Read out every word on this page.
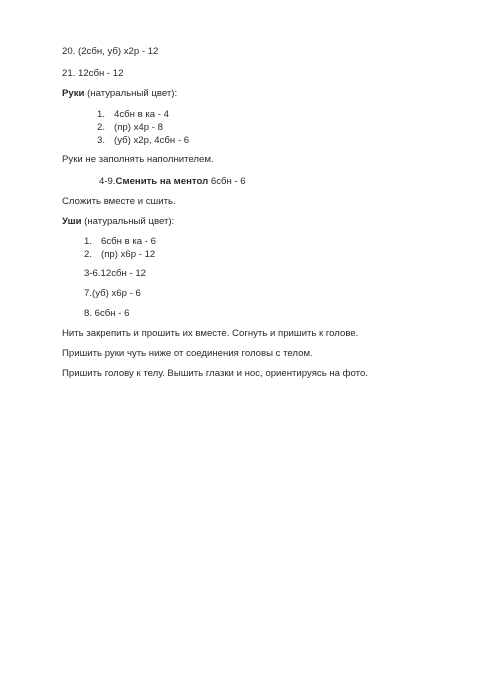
20. (2сбн, уб) х2р - 12
21. 12сбн - 12
Руки (натуральный цвет):
1. 4сбн в ка - 4
2. (пр) х4р - 8
3. (уб) х2р, 4сбн - 6
Руки не заполнять наполнителем.
4-9.Сменить на ментол 6сбн - 6
Сложить вместе и сшить.
Уши (натуральный цвет):
1. 6сбн в ка - 6
2. (пр) х6р - 12
3-6.12сбн - 12
7.(уб) х6р - 6
8. 6сбн - 6
Нить закрепить и прошить их вместе. Согнуть и пришить к голове.
Пришить руки чуть ниже от соединения головы с телом.
Пришить голову к телу. Вышить глазки и нос, ориентируясь на фото.
